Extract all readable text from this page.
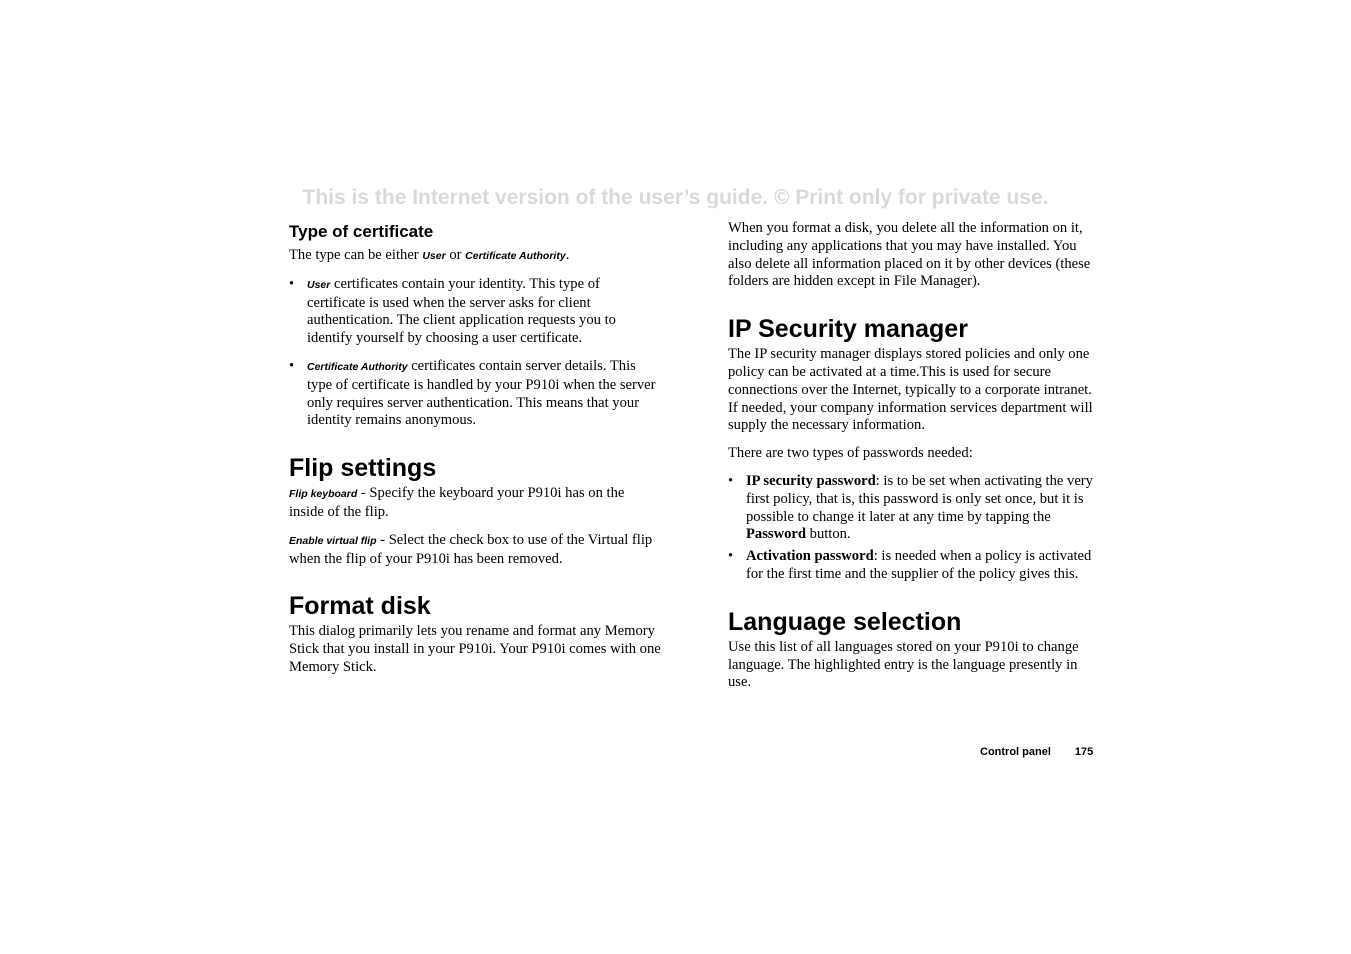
This is the Internet version of the user’s guide. © Print only for private use.
Type of certificate

The type can be either User or Certificate Authority.

• User certificates contain your identity. This type of certificate is used when the server asks for client authentication. The client application requests you to identify yourself by choosing a user certificate.
• Certificate Authority certificates contain server details. This type of certificate is handled by your P910i when the server only requires server authentication. This means that your identity remains anonymous.
Flip settings

Flip keyboard - Specify the keyboard your P910i has on the inside of the flip.

Enable virtual flip - Select the check box to use of the Virtual flip when the flip of your P910i has been removed.

Format disk

This dialog primarily lets you rename and format any Memory Stick that you install in your P910i. Your P910i comes with one Memory Stick.

When you format a disk, you delete all the information on it, including any applications that you may have installed. You also delete all information placed on it by other devices (these folders are hidden except in File Manager).

IP Security manager

The IP security manager displays stored policies and only one policy can be activated at a time.This is used for secure connections over the Internet, typically to a corporate intranet. If needed, your company information services department will supply the necessary information.

There are two types of passwords needed:

• IP security password: is to be set when activating the very first policy, that is, this password is only set once, but it is possible to change it later at any time by tapping the Password button.
• Activation password: is needed when a policy is activated for the first time and the supplier of the policy gives this.
Language selection

Use this list of all languages stored on your P910i to change language. The highlighted entry is the language presently in use.

Control panel 175
